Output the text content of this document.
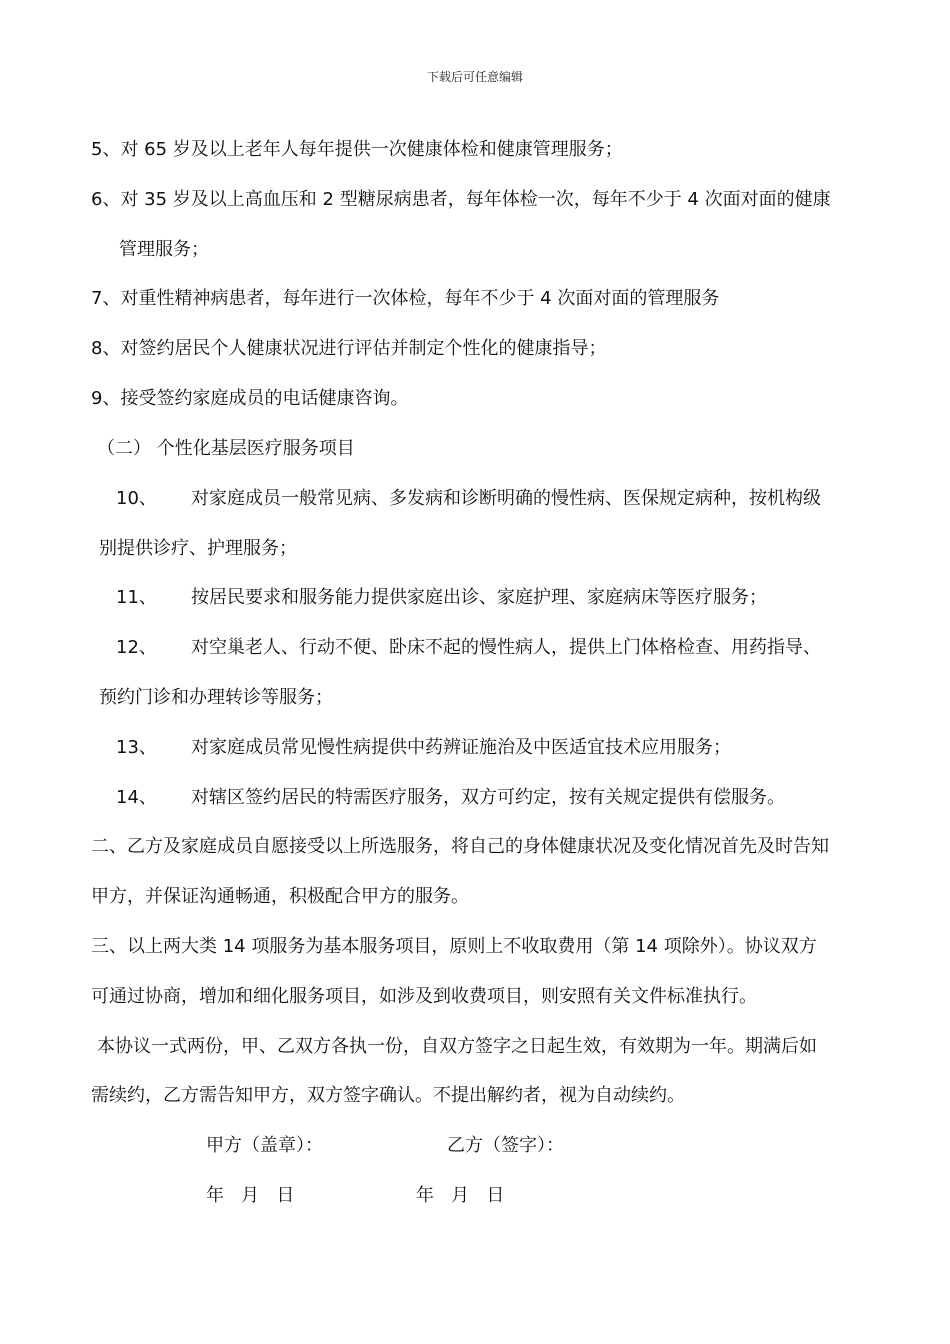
下载后可任意编辑
5、对 65 岁及以上老年人每年提供一次健康体检和健康管理服务；
6、对 35 岁及以上高血压和 2 型糖尿病患者，每年体检一次，每年不少于 4 次面对面的健康
管理服务；
7、对重性精神病患者，每年进行一次体检，每年不少于 4 次面对面的管理服务
8、对签约居民个人健康状况进行评估并制定个性化的健康指导；
9、接受签约家庭成员的电话健康咨询。
（二） 个性化基层医疗服务项目
10、 对家庭成员一般常见病、多发病和诊断明确的慢性病、医保规定病种，按机构级
别提供诊疗、护理服务；
11、 按居民要求和服务能力提供家庭出诊、家庭护理、家庭病床等医疗服务；
12、 对空巢老人、行动不便、卧床不起的慢性病人，提供上门体格检查、用药指导、
预约门诊和办理转诊等服务；
13、 对家庭成员常见慢性病提供中药辨证施治及中医适宜技术应用服务；
14、 对辖区签约居民的特需医疗服务，双方可约定，按有关规定提供有偿服务。
二、乙方及家庭成员自愿接受以上所选服务，将自己的身体健康状况及变化情况首先及时告知
甲方，并保证沟通畅通，积极配合甲方的服务。
三、以上两大类 14 项服务为基本服务项目，原则上不收取费用（第 14 项除外）。协议双方
可通过协商，增加和细化服务项目，如涉及到收费项目，则安照有关文件标准执行。
本协议一式两份，甲、乙双方各执一份，自双方签字之日起生效，有效期为一年。期满后如
需续约，乙方需告知甲方，双方签字确认。不提出解约者，视为自动续约。
甲方（盖章）：	乙方（签字）：
年   月   日	年   月   日
